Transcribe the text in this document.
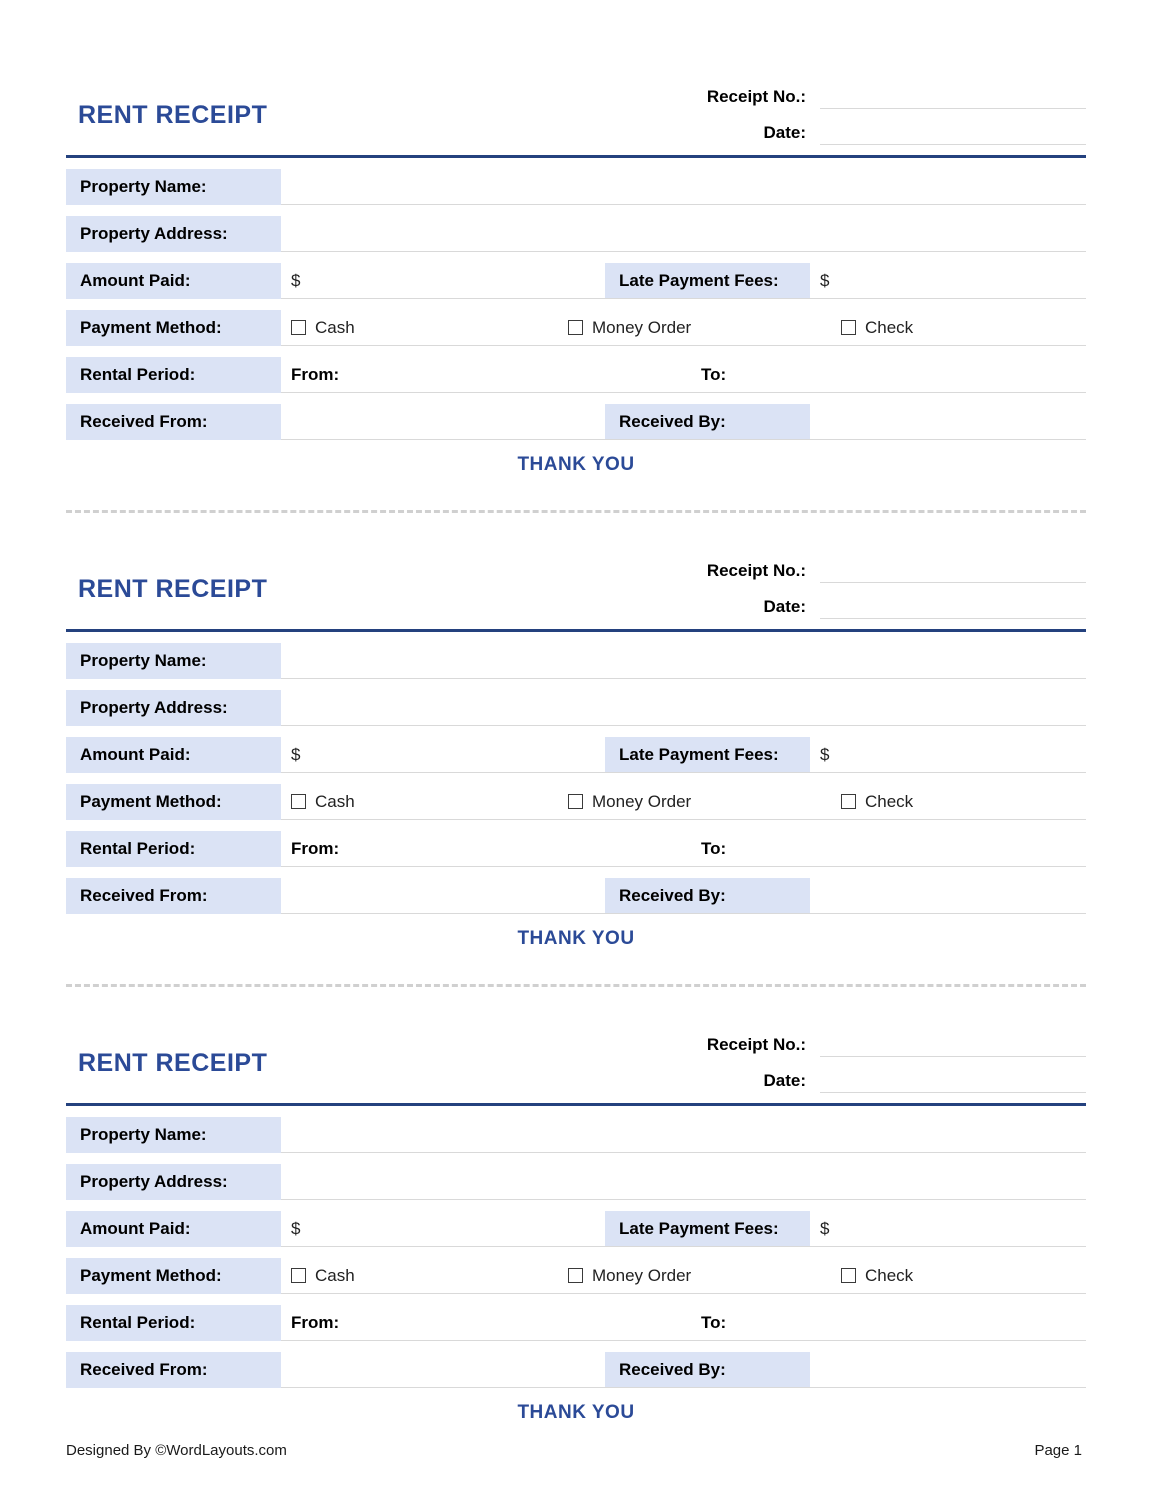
RENT RECEIPT
Receipt No.:
Date:
Property Name:
Property Address:
Amount Paid:	$	Late Payment Fees:	$
Payment Method:	Cash	Money Order	Check
Rental Period:	From:	To:
Received From:	Received By:
THANK YOU
RENT RECEIPT
Receipt No.:
Date:
Property Name:
Property Address:
Amount Paid:	$	Late Payment Fees:	$
Payment Method:	Cash	Money Order	Check
Rental Period:	From:	To:
Received From:	Received By:
THANK YOU
RENT RECEIPT
Receipt No.:
Date:
Property Name:
Property Address:
Amount Paid:	$	Late Payment Fees:	$
Payment Method:	Cash	Money Order	Check
Rental Period:	From:	To:
Received From:	Received By:
THANK YOU
Designed By ©WordLayouts.com	Page 1
